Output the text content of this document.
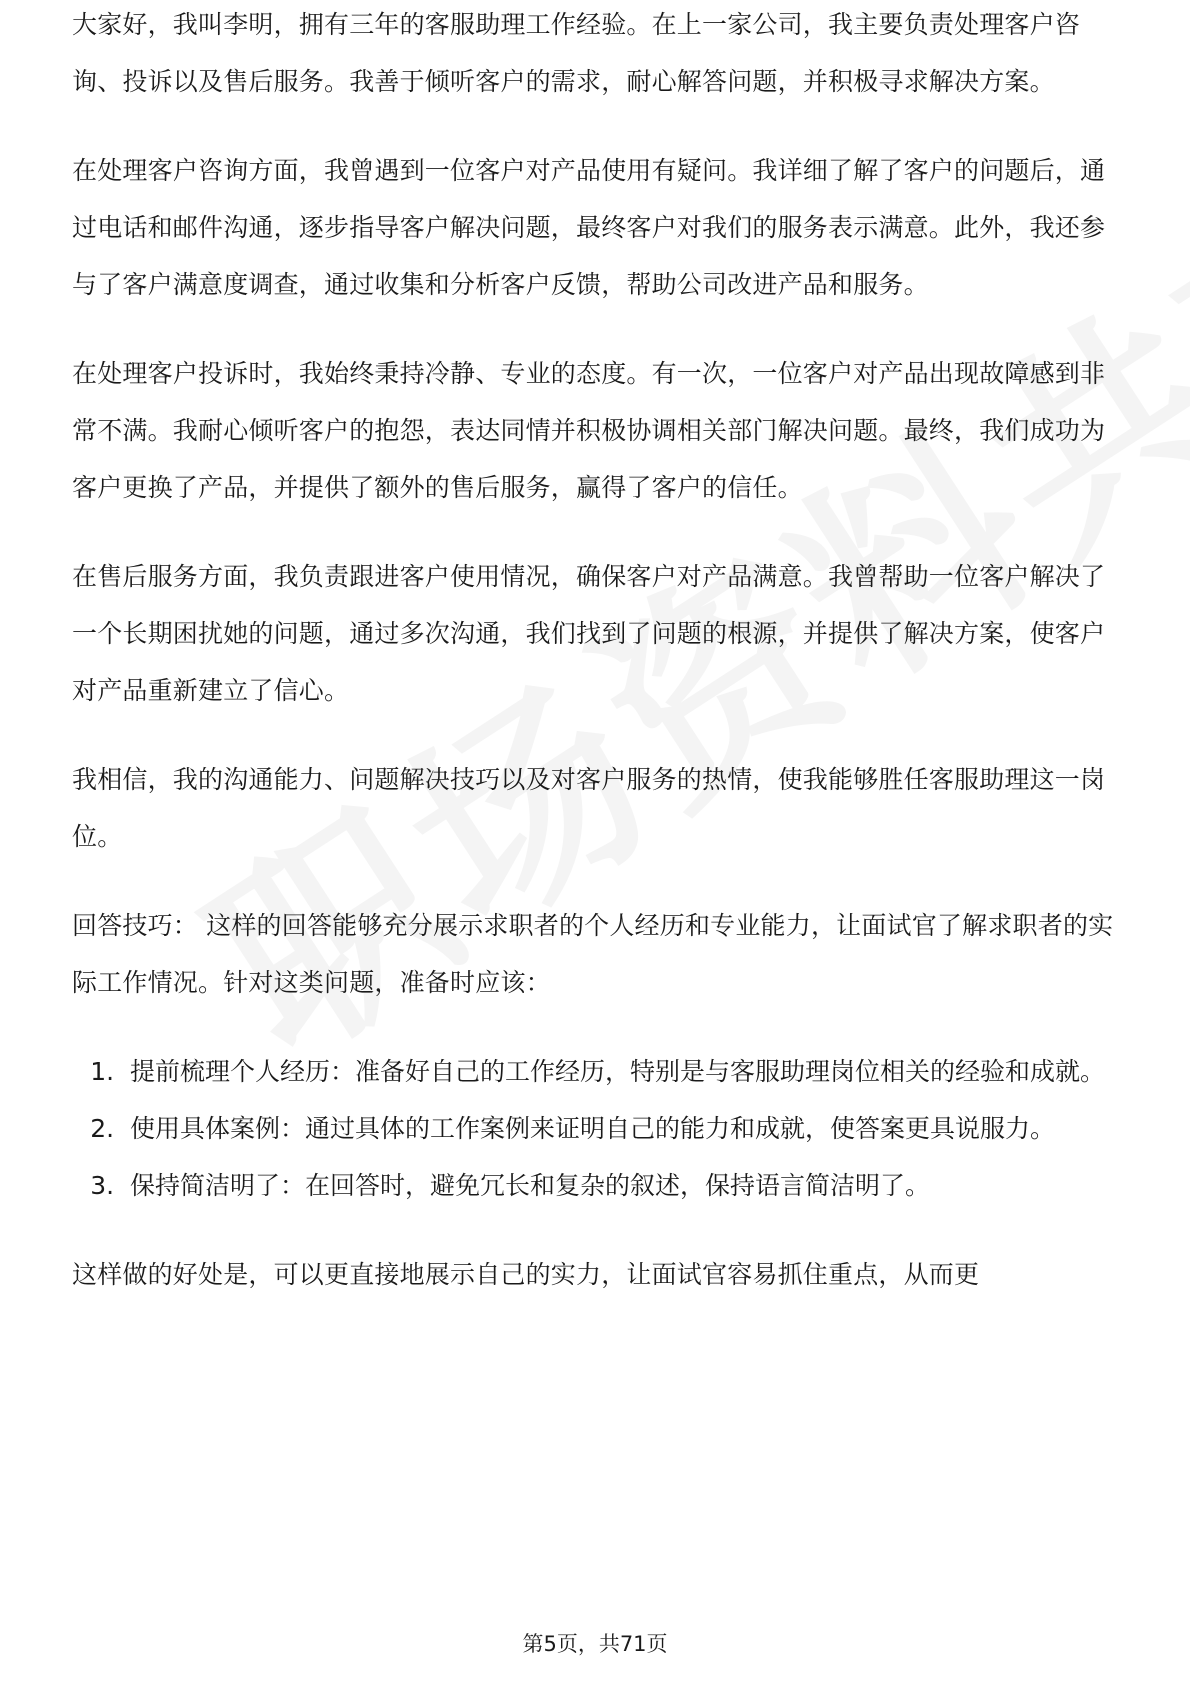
大家好，我叫李明，拥有三年的客服助理工作经验。在上一家公司，我主要负责处理客户咨询、投诉以及售后服务。我善于倾听客户的需求，耐心解答问题，并积极寻求解决方案。

在处理客户咨询方面，我曾遇到一位客户对产品使用有疑问。我详细了解了客户的问题后，通过电话和邮件沟通，逐步指导客户解决问题，最终客户对我们的服务表示满意。此外，我还参与了客户满意度调查，通过收集和分析客户反馈，帮助公司改进产品和服务。

在处理客户投诉时，我始终秉持冷静、专业的态度。有一次，一位客户对产品出现故障感到非常不满。我耐心倾听客户的抱怨，表达同情并积极协调相关部门解决问题。最终，我们成功为客户更换了产品，并提供了额外的售后服务，赢得了客户的信任。

在售后服务方面，我负责跟进客户使用情况，确保客户对产品满意。我曾帮助一位客户解决了一个长期困扰她的问题，通过多次沟通，我们找到了问题的根源，并提供了解决方案，使客户对产品重新建立了信心。

我相信，我的沟通能力、问题解决技巧以及对客户服务的热情，使我能够胜任客服助理这一岗位。

回答技巧： 这样的回答能够充分展示求职者的个人经历和专业能力，让面试官了解求职者的实际工作情况。针对这类问题，准备时应该：

1. 提前梳理个人经历：准备好自己的工作经历，特别是与客服助理岗位相关的经验和成就。
2. 使用具体案例：通过具体的工作案例来证明自己的能力和成就，使答案更具说服力。
3. 保持简洁明了：在回答时，避免冗长和复杂的叙述，保持语言简洁明了。

这样做的好处是，可以更直接地展示自己的实力，让面试官容易抓住重点，从而更

第5页，共71页
